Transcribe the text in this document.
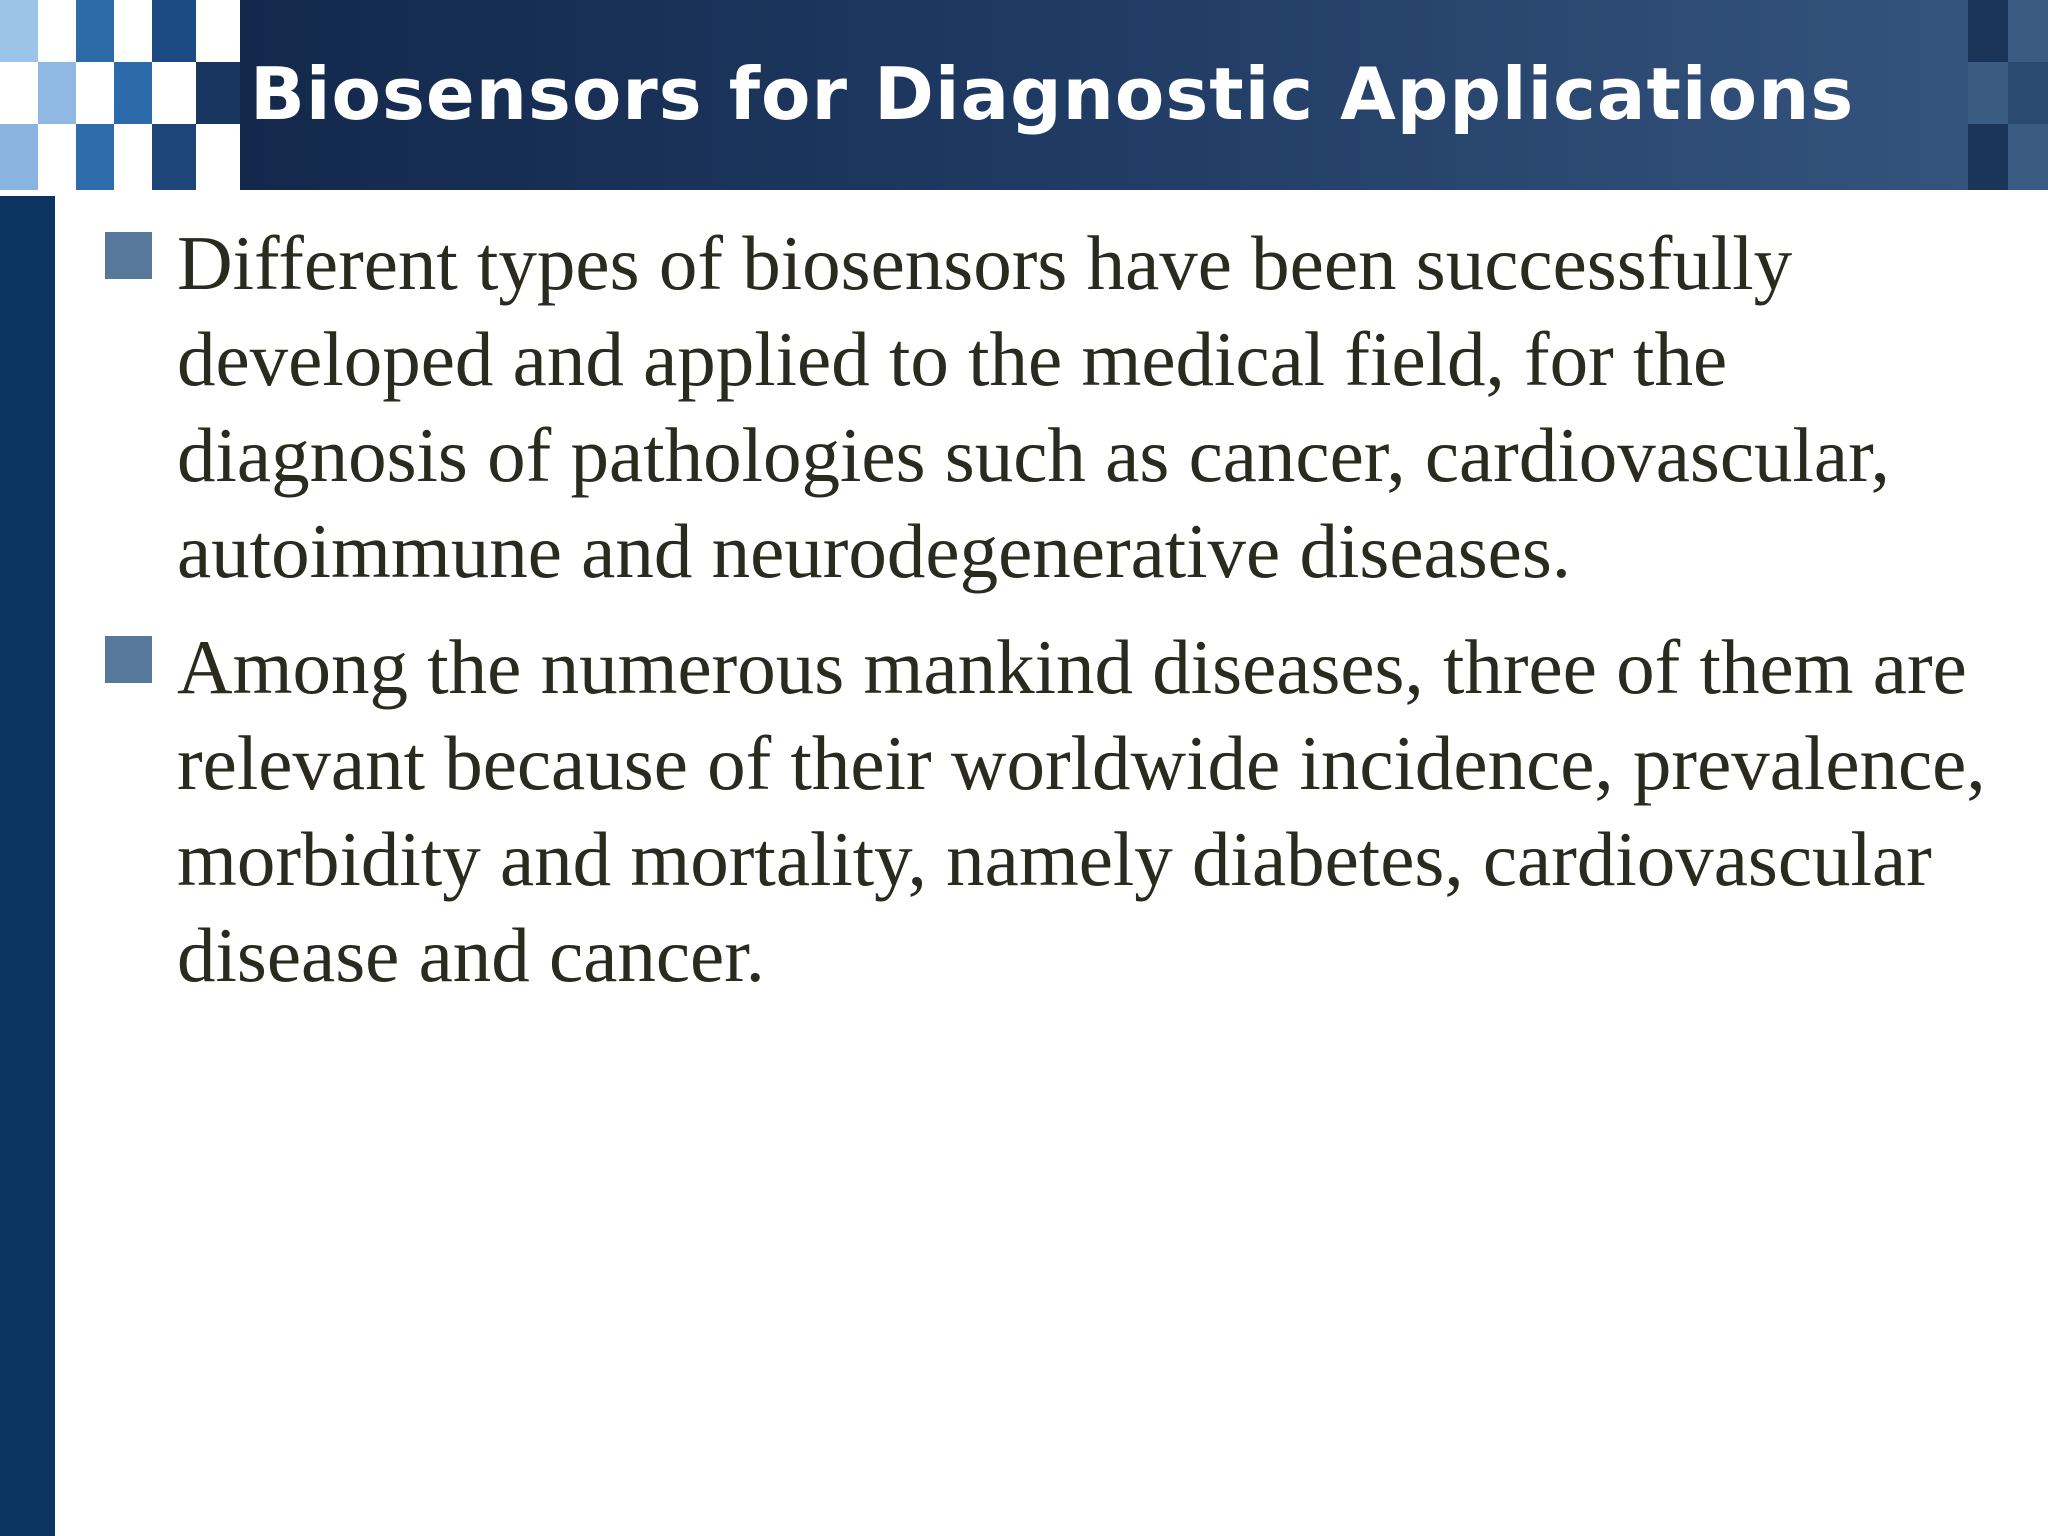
Biosensors for Diagnostic Applications
Different types of biosensors have been successfully developed and applied to the medical field, for the diagnosis of pathologies such as cancer, cardiovascular, autoimmune and neurodegenerative diseases.
Among the numerous mankind diseases, three of them are relevant because of their worldwide incidence, prevalence, morbidity and mortality, namely diabetes, cardiovascular disease and cancer.
